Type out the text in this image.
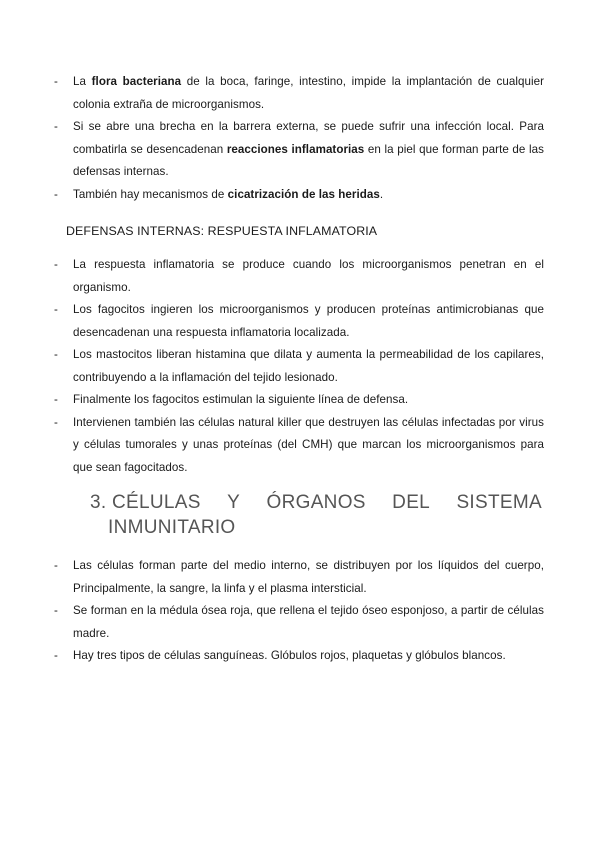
- La flora bacteriana de la boca, faringe, intestino, impide la implantación de cualquier colonia extraña de microorganismos.
- Si se abre una brecha en la barrera externa, se puede sufrir una infección local. Para combatirla se desencadenan reacciones inflamatorias en la piel que forman parte de las defensas internas.
- También hay mecanismos de cicatrización de las heridas.
DEFENSAS INTERNAS: RESPUESTA INFLAMATORIA
- La respuesta inflamatoria se produce cuando los microorganismos penetran en el organismo.
- Los fagocitos ingieren los microorganismos y producen proteínas antimicrobianas que desencadenan una respuesta inflamatoria localizada.
- Los mastocitos liberan histamina que dilata y aumenta la permeabilidad de los capilares, contribuyendo a la inflamación del tejido lesionado.
- Finalmente los fagocitos estimulan la siguiente línea de defensa.
- Intervienen también las células natural killer que destruyen las células infectadas por virus y células tumorales y unas proteínas (del CMH) que marcan los microorganismos para que sean fagocitados.
3. CÉLULAS Y ÓRGANOS DEL SISTEMA
INMUNITARIO
- Las células forman parte del medio interno, se distribuyen por los líquidos del cuerpo, Principalmente, la sangre, la linfa y el plasma intersticial.
- Se forman en la médula ósea roja, que rellena el tejido óseo esponjoso, a partir de células madre.
- Hay tres tipos de células sanguíneas. Glóbulos rojos, plaquetas y glóbulos blancos.
